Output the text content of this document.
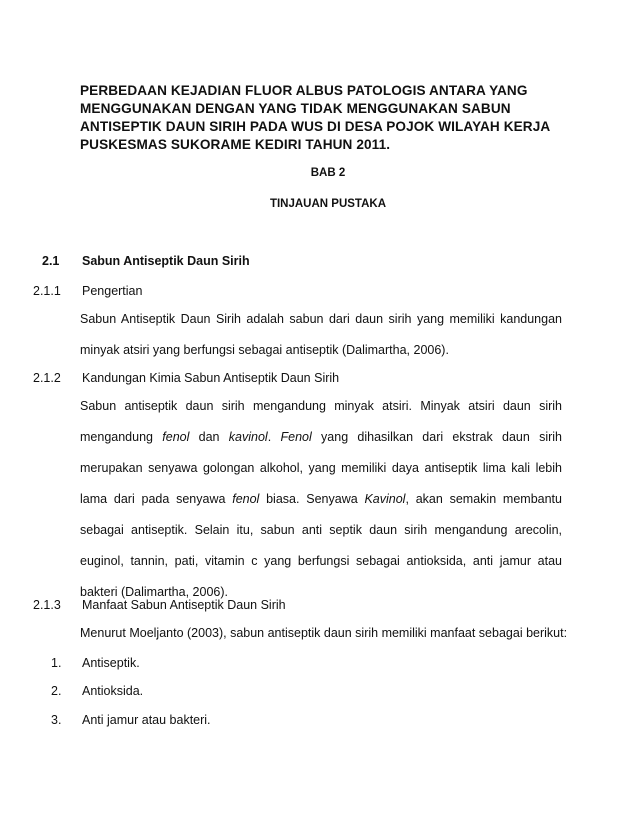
PERBEDAAN KEJADIAN FLUOR ALBUS PATOLOGIS ANTARA YANG
MENGGUNAKAN DENGAN YANG TIDAK MENGGUNAKAN SABUN
ANTISEPTIK DAUN SIRIH PADA WUS DI DESA POJOK WILAYAH KERJA
PUSKESMAS SUKORAME KEDIRI TAHUN 2011.
BAB 2
TINJAUAN PUSTAKA
2.1 Sabun Antiseptik Daun Sirih
2.1.1 Pengertian
Sabun Antiseptik Daun Sirih adalah sabun dari daun sirih yang memiliki kandungan
minyak atsiri yang berfungsi sebagai antiseptik (Dalimartha, 2006).
2.1.2 Kandungan Kimia Sabun Antiseptik Daun Sirih
Sabun antiseptik daun sirih mengandung minyak atsiri. Minyak atsiri daun sirih
mengandung fenol dan kavinol. Fenol yang dihasilkan dari ekstrak daun sirih
merupakan senyawa golongan alkohol, yang memiliki daya antiseptik lima kali lebih
lama dari pada senyawa fenol biasa. Senyawa Kavinol, akan semakin membantu
sebagai antiseptik. Selain itu, sabun anti septik daun sirih mengandung arecolin,
euginol, tannin, pati, vitamin c yang berfungsi sebagai antioksida, anti jamur atau
bakteri (Dalimartha, 2006).
2.1.3 Manfaat Sabun Antiseptik Daun Sirih
Menurut Moeljanto (2003), sabun antiseptik daun sirih memiliki manfaat sebagai berikut:
1. Antiseptik.
2. Antioksida.
3. Anti jamur atau bakteri.
